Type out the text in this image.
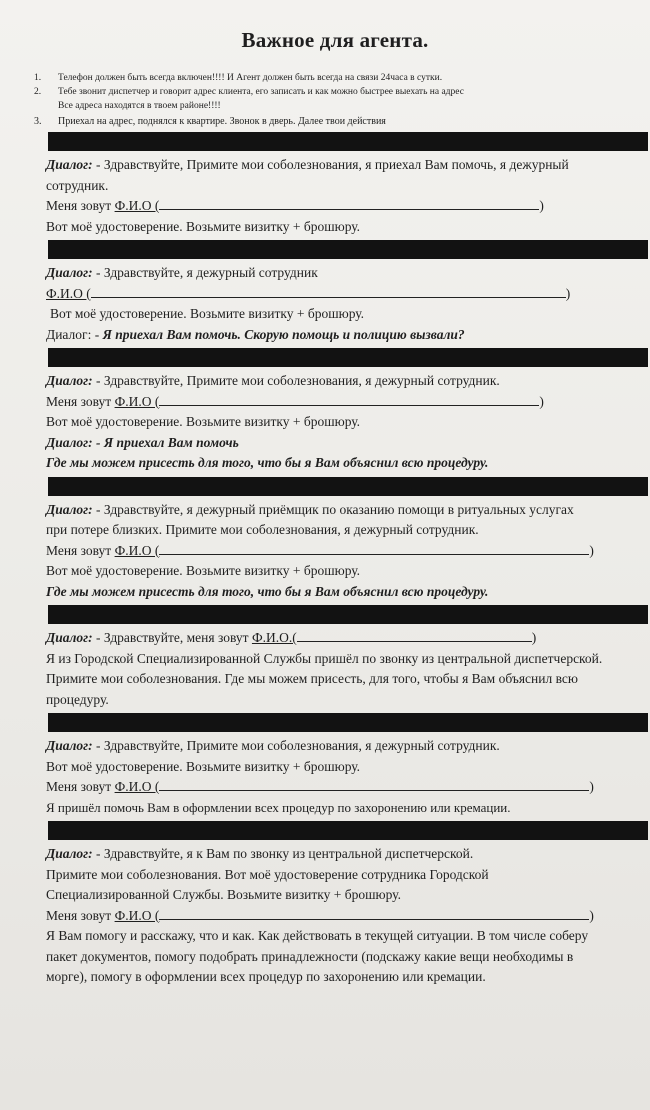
Важное для агента.
1.	Телефон должен быть всегда включен!!!! И Агент должен быть всегда на связи 24часа в сутки.
2.	Тебе звонит диспетчер и говорит адрес клиента, его записать и как можно быстрее выехать на адрес
Все адреса находятся в твоем районе!!!!
3.	Приехал на адрес, поднялся к квартире. Звонок в дверь. Далее твои действия
Диалог: - Здравствуйте, Примите мои соболезнования, я приехал Вам помочь, я дежурный сотрудник.
Меня зовут Ф.И.О (	)
Вот моё удостоверение. Возьмите визитку + брошюру.
Диалог: - Здравствуйте, я дежурный сотрудник
Ф.И.О (	)
Вот моё удостоверение. Возьмите визитку + брошюру.
Диалог: - Я приехал Вам помочь. Скорую помощь и полицию вызвали?
Диалог: - Здравствуйте, Примите мои соболезнования, я дежурный сотрудник.
Меня зовут Ф.И.О (	)
Вот моё удостоверение. Возьмите визитку + брошюру.
Диалог: - Я приехал Вам помочь
Где мы можем присесть для того, что бы я Вам объяснил всю процедуру.
Диалог: - Здравствуйте, я дежурный приёмщик по оказанию помощи в ритуальных услугах при потере близких. Примите мои соболезнования, я дежурный сотрудник.
Меня зовут Ф.И.О (	)
Вот моё удостоверение. Возьмите визитку + брошюру.
Где мы можем присесть для того, что бы я Вам объяснил всю процедуру.
Диалог: - Здравствуйте, меня зовут Ф.И.О.(	)
Я из Городской Специализированной Службы пришёл по звонку из центральной диспетчерской.
Примите мои соболезнования. Где мы можем присесть, для того, чтобы я Вам объяснил всю процедуру.
Диалог: - Здравствуйте, Примите мои соболезнования, я дежурный сотрудник.
Вот моё удостоверение. Возьмите визитку + брошюру.
Меня зовут Ф.И.О (	)
Я пришёл помочь Вам в оформлении всех процедур по захоронению или кремации.
Диалог: - Здравствуйте, я к Вам по звонку из центральной диспетчерской.
Примите мои соболезнования. Вот моё удостоверение сотрудника Городской Специализированной Службы. Возьмите визитку + брошюру.
Меня зовут Ф.И.О (	)
Я Вам помогу и расскажу, что и как. Как действовать в текущей ситуации. В том числе соберу пакет документов, помогу подобрать принадлежности (подскажу какие вещи необходимы в морге), помогу в оформлении всех процедур по захоронению или кремации.
